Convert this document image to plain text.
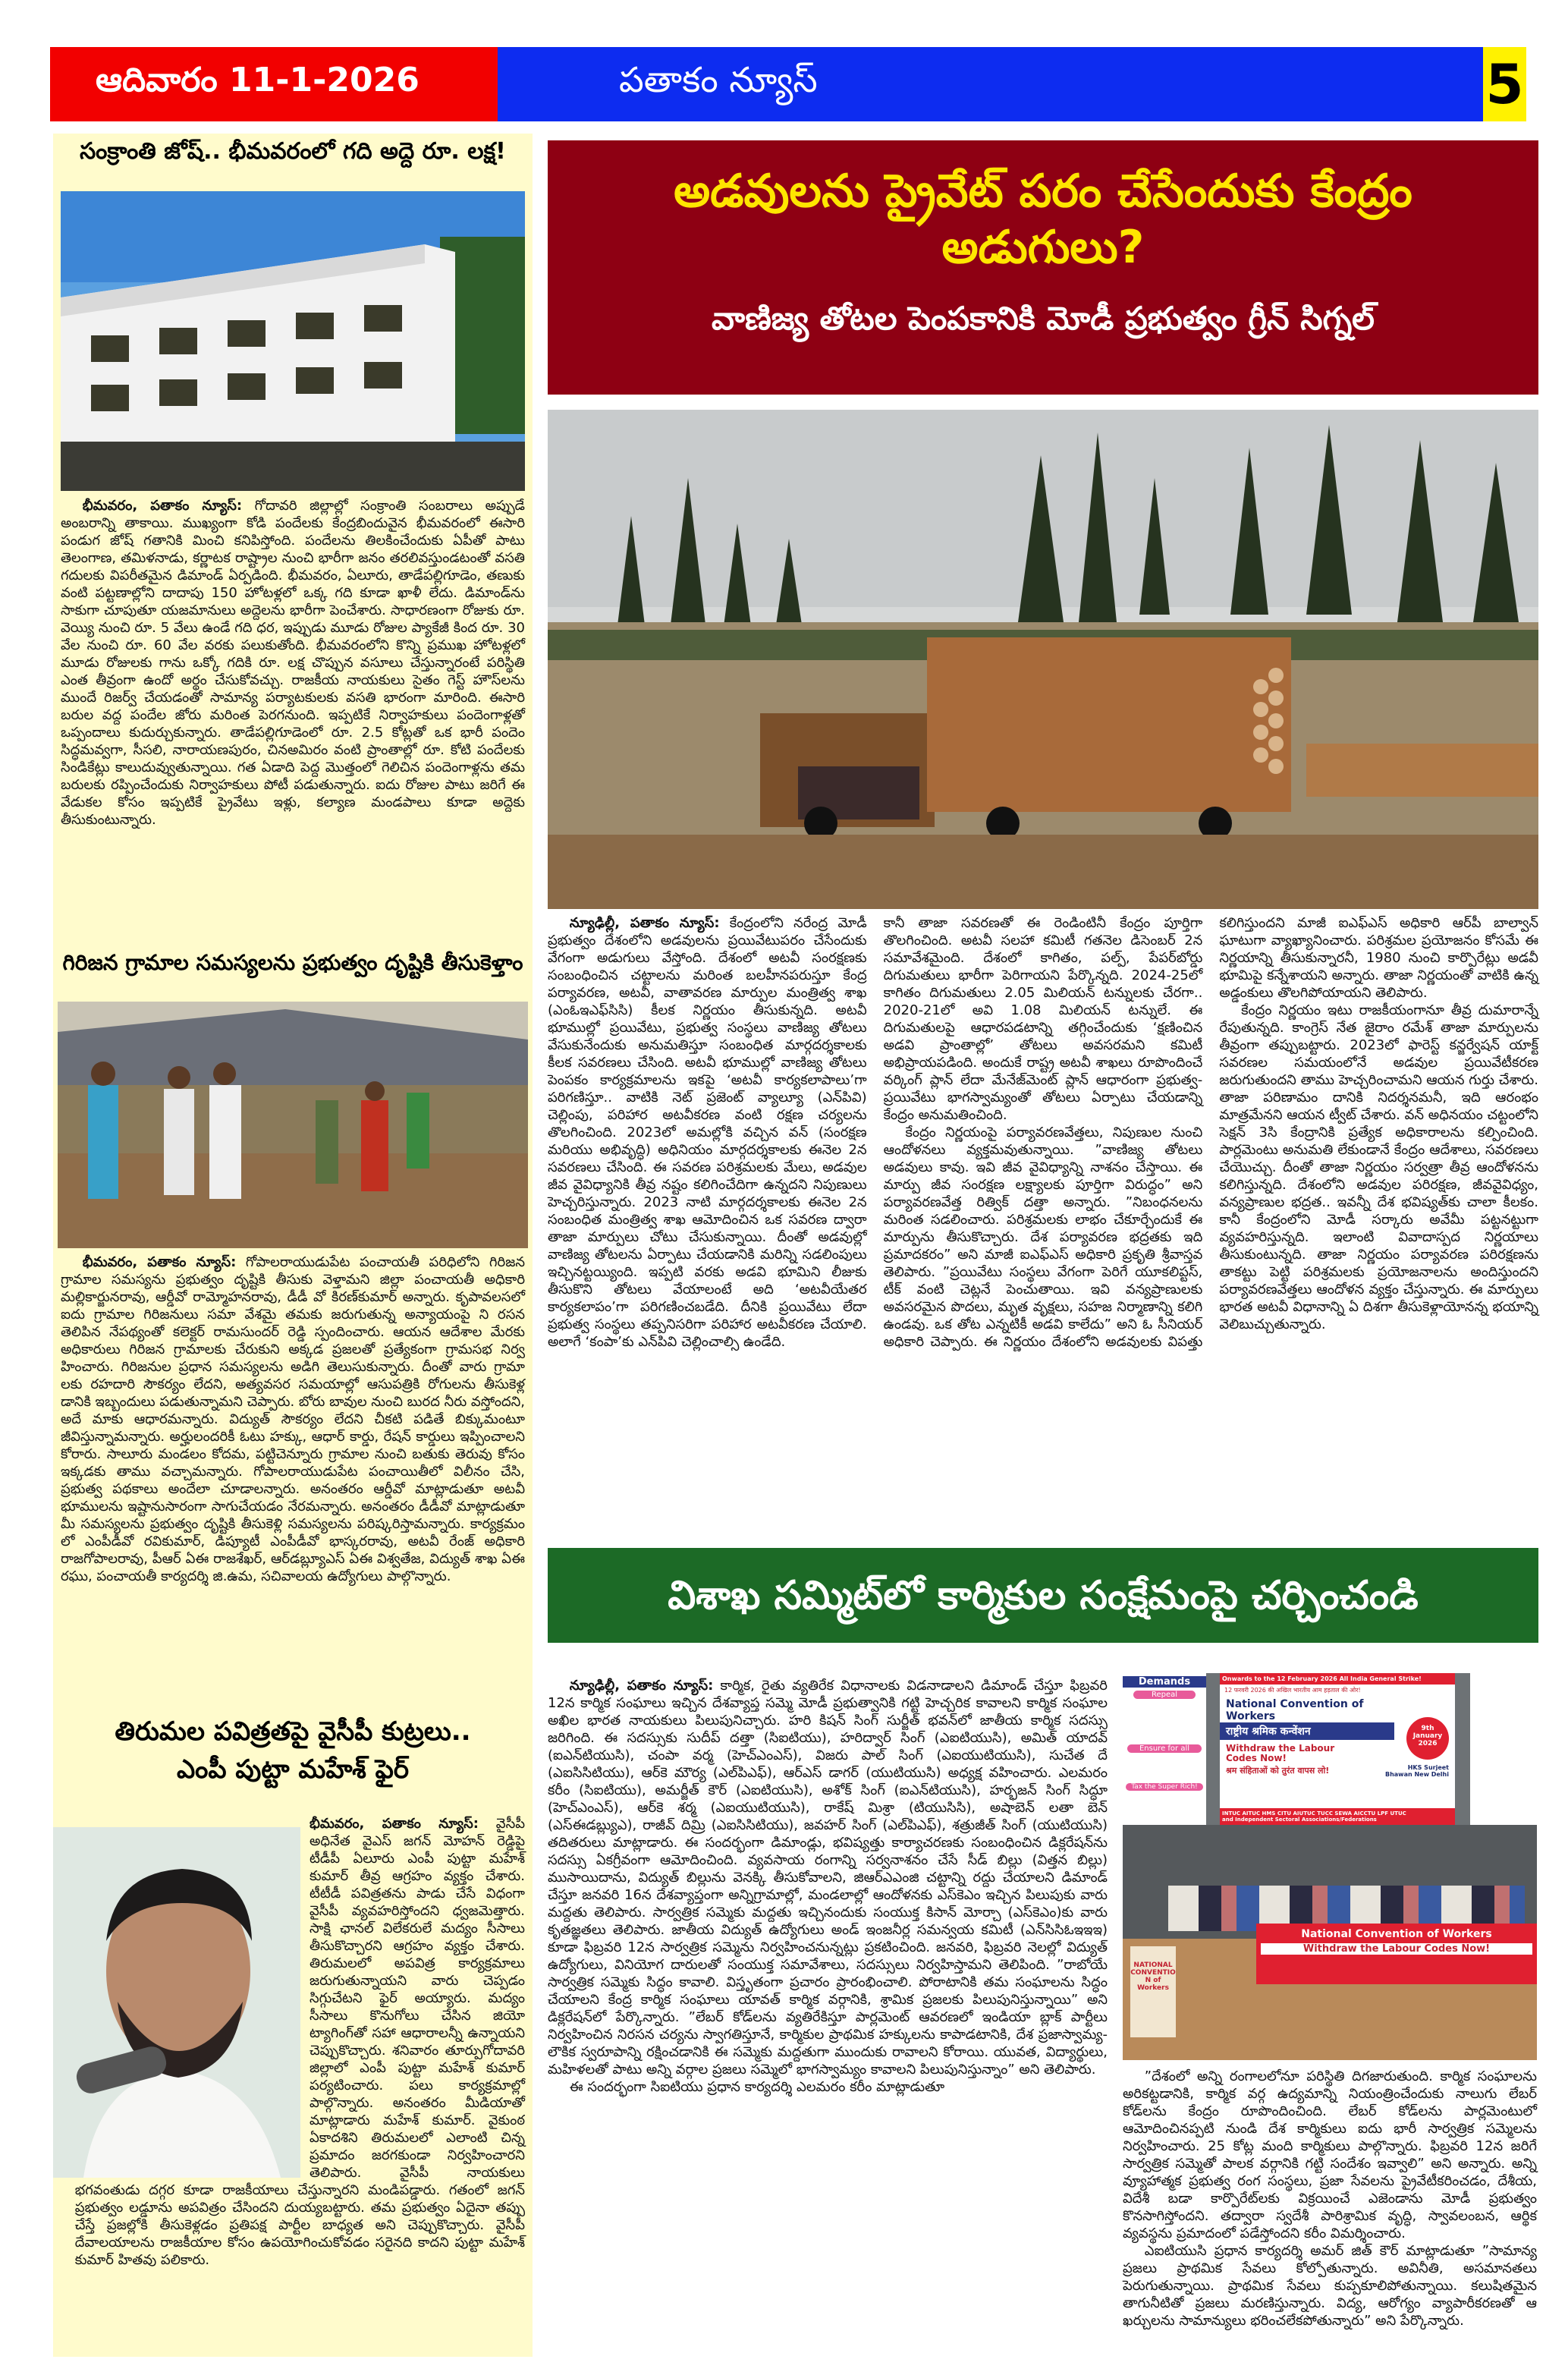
ఆదివారం 11-1-2026	పతాకం న్యూస్	5
సంక్రాంతి జోష్.. భీమవరంలో గది అద్దె రూ. లక్ష!

భీమవరం, పతాకం న్యూస్: గోదావరి జిల్లాల్లో సంక్రాంతి సంబరాలు అప్పుడే అంబరాన్ని తాకాయి. ముఖ్యంగా కోడి పందేలకు కేంద్రబిందువైన భీమవరంలో ఈసారి పండుగ జోష్ గతానికి మించి కనిపిస్తోంది. పందేలను తిలకించేందుకు ఏపీతో పాటు తెలంగాణ, తమిళనాడు, కర్ణాటక రాష్ట్రాల నుంచి భారీగా జనం తరలివస్తుండటంతో వసతి గదులకు విపరీతమైన డిమాండ్ ఏర్పడింది. భీమవరం, ఏలూరు, తాడేపల్లిగూడెం, తణుకు వంటి పట్టణాల్లోని దాదాపు 150 హోటళ్లలో ఒక్క గది కూడా ఖాళీ లేదు. డిమాండ్‌ను సాకుగా చూపుతూ యజమానులు అద్దెలను భారీగా పెంచేశారు. సాధారణంగా రోజుకు రూ. వెయ్యి నుంచి రూ. 5 వేలు ఉండే గది ధర, ఇప్పుడు మూడు రోజుల ప్యాకేజీ కింద రూ. 30 వేల నుంచి రూ. 60 వేల వరకు పలుకుతోంది. భీమవరంలోని కొన్ని ప్రముఖ హోటళ్లలో మూడు రోజులకు గాను ఒక్కో గదికి రూ. లక్ష చొప్పున వసూలు చేస్తున్నారంటే పరిస్థితి ఎంత తీవ్రంగా ఉందో అర్థం చేసుకోవచ్చు. రాజకీయ నాయకులు సైతం గెస్ట్ హౌస్‌లను ముందే రిజర్వ్ చేయడంతో సామాన్య పర్యాటకులకు వసతి భారంగా మారింది. ఈసారి బరుల వద్ద పందేల జోరు మరింత పెరగనుంది. ఇప్పటికే నిర్వాహకులు పందెంగాళ్లతో ఒప్పందాలు కుదుర్చుకున్నారు. తాడేపల్లిగూడెంలో రూ. 2.5 కోట్లతో ఒక భారీ పందెం సిద్ధమవ్వగా, సీసలి, నారాయణపురం, చినఅమిరం వంటి ప్రాంతాల్లో రూ. కోటి పందేలకు సిండికేట్లు కాలుదువ్వుతున్నాయి. గత ఏడాది పెద్ద మొత్తంలో గెలిచిన పందెంగాళ్లను తమ బరులకు రప్పించేందుకు నిర్వాహకులు పోటీ పడుతున్నారు. ఐదు రోజుల పాటు జరిగే ఈ వేడుకల కోసం ఇప్పటికే ప్రైవేటు ఇళ్లు, కల్యాణ మండపాలు కూడా అద్దెకు తీసుకుంటున్నారు.

గిరిజన గ్రామాల సమస్యలను ప్రభుత్వం దృష్టికి తీసుకెళ్తాం

భీమవరం, పతాకం న్యూస్: గోపాలరాయుడుపేట పంచాయతీ పరిధిలోని గిరిజన గ్రామాల సమస్యను ప్రభుత్వం దృష్టికి తీసుకు వెళ్తామని జిల్లా పంచాయతీ అధికారి మల్లికార్జునరావు, ఆర్డీవో రామ్మోహనరావు, డీడీ వో కిరణ్‌కుమార్ అన్నారు. కృపావలసలో ఐదు గ్రామాల గిరిజనులు సమా వేశమై తమకు జరుగుతున్న అన్యాయంపై ని రసన తెలిపిన నేపథ్యంతో కలెక్టర్ రామసుందర్ రెడ్డి స్పందించారు. ఆయన ఆదేశాల మేరకు అధికారులు గిరిజన గ్రామాలకు చేరుకుని అక్కడ ప్రజలతో ప్రత్యేకంగా గ్రామసభ నిర్వ హించారు. గిరిజనుల ప్రధాన సమస్యలను అడిగి తెలుసుకున్నారు. దీంతో వారు గ్రామా లకు రహదారి సౌకర్యం లేదని, అత్యవసర సమయాల్లో ఆసుపత్రికి రోగులను తీసుకెళ్ల డానికి ఇబ్బందులు పడుతున్నామని చెప్పారు. బోరు బావుల నుంచి బురద నీరు వస్తోందని, అదే మాకు ఆధారమన్నారు. విద్యుత్ సౌకర్యం లేదని చీకటి పడితే బిక్కుమంటూ జీవిస్తున్నామన్నారు. అర్హులందరికీ ఓటు హక్కు, ఆధార్ కార్డు, రేషన్ కార్డులు ఇప్పించాలని కోరారు. సాలూరు మండలం కోదమ, పట్టిచెన్నూరు గ్రామాల నుంచి బతుకు తెరువు కోసం ఇక్కడకు తాము వచ్చామన్నారు. గోపాలరాయుడుపేట పంచాయితీలో విలీనం చేసి, ప్రభుత్వ పథకాలు అందేలా చూడాలన్నారు. అనంతరం ఆర్డీవో మాట్లాడుతూ అటవీ భూములను ఇష్టానుసారంగా సాగుచేయడం నేరమన్నారు. అనంతరం డీడీవో మాట్లాడుతూ మీ సమస్యలను ప్రభుత్వం దృష్టికి తీసుకెళ్లి సమస్యలను పరిష్కరిస్తామన్నారు. కార్యక్రమం లో ఎంపీడీవో రవికుమార్, డిప్యూటీ ఎంపీడీవో భాస్కరరావు, అటవీ రేంజ్ అధికారి రాజగోపాలరావు, పీఆర్ ఏఈ రాజశేఖర్, ఆర్‌డబ్ల్యూఎస్ ఏఈ విశ్వతేజ, విద్యుత్ శాఖ ఏఈ రఘు, పంచాయతీ కార్యదర్శి జి.ఉమ, సచివాలయ ఉద్యోగులు పాల్గొన్నారు.

తిరుమల పవిత్రతపై వైసీపీ కుట్రలు..
ఎంపీ పుట్టా మహేశ్ ఫైర్

భీమవరం, పతాకం న్యూస్: వైసీపీ అధినేత వైఎస్ జగన్ మోహన్ రెడ్డిపై టీడీపీ ఏలూరు ఎంపీ పుట్టా మహేశ్ కుమార్ తీవ్ర ఆగ్రహం వ్యక్తం చేశారు. టీటీడీ పవిత్రతను పాడు చేసే విధంగా వైసీపీ వ్యవహరిస్తోందని ధ్వజమెత్తారు. సాక్షి ఛానల్ విలేకరులే మద్యం సీసాలు తీసుకొచ్చారని ఆగ్రహం వ్యక్తం చేశారు. తిరుమలలో అపవిత్ర కార్యక్రమాలు జరుగుతున్నాయని వారు చెప్పడం సిగ్గుచేటని ఫైర్ అయ్యారు. మద్యం సీసాలు కొనుగోలు చేసిన జియో ట్యాగింగ్‌తో సహా ఆధారాలన్నీ ఉన్నాయని చెప్పుకొచ్చారు. శనివారం తూర్పుగోదావరి జిల్లాలో ఎంపీ పుట్టా మహేశ్ కుమార్ పర్యటించారు. పలు కార్యక్రమాల్లో పాల్గొన్నారు. అనంతరం మీడియాతో మాట్లాడారు మహేశ్ కుమార్. వైకుంఠ ఏకాదశిని తిరుమలలో ఎలాంటి చిన్న ప్రమాదం జరగకుండా నిర్వహించారని తెలిపారు. వైసీపీ నాయకులు భగవంతుడు దగ్గర కూడా రాజకీయాలు చేస్తున్నారని మండిపడ్డారు. గతంలో జగన్ ప్రభుత్వం లడ్డూను అపవిత్రం చేసిందని దుయ్యబట్టారు. తమ ప్రభుత్వం ఏదైనా తప్పు చేస్తే ప్రజల్లోకి తీసుకెళ్లడం ప్రతిపక్ష పార్టీల బాధ్యత అని చెప్పుకొచ్చారు. వైసీపీ దేవాలయాలను రాజకీయాల కోసం ఉపయోగించుకోవడం సరైనది కాదని పుట్టా మహేశ్ కుమార్ హితవు పలికారు.

అడవులను ప్రైవేట్ పరం చేసేందుకు కేంద్రం అడుగులు?
వాణిజ్య తోటల పెంపకానికి మోడీ ప్రభుత్వం గ్రీన్ సిగ్నల్

న్యూఢిల్లీ, పతాకం న్యూస్: కేంద్రంలోని నరేంద్ర మోడీ ప్రభుత్వం దేశంలోని అడవులను ప్రయివేటుపరం చేసేందుకు వేగంగా అడుగులు వేస్తోంది. దేశంలో అటవీ సంరక్షణకు సంబంధించిన చట్టాలను మరింత బలహీనపరుస్తూ కేంద్ర పర్యావరణ, అటవీ, వాతావరణ మార్పుల మంత్రిత్వ శాఖ (ఎంఓఇఎఫ్‌సిసి) కీలక నిర్ణయం తీసుకున్నది. అటవీ భూముల్లో ప్రయివేటు, ప్రభుత్వ సంస్థలు వాణిజ్య తోటలు వేసుకునేందుకు అనుమతిస్తూ సంబంధిత మార్గదర్శకాలకు కీలక సవరణలు చేసింది. అటవీ భూముల్లో వాణిజ్య తోటలు పెంపకం కార్యక్రమాలను ఇకపై ‘అటవీ కార్యకలాపాలు’గా పరిగణిస్తూ.. వాటికి నెట్ ప్రజెంట్ వ్యాల్యూ (ఎన్‌పివి) చెల్లింపు, పరిహార అటవీకరణ వంటి రక్షణ చర్యలను తొలగించింది. 2023లో అమల్లోకి వచ్చిన వన్ (సంరక్షణ మరియు అభివృద్ధి) అధినియం మార్గదర్శకాలకు ఈనెల 2న సవరణలు చేసింది. ఈ సవరణ పరిశ్రమలకు మేలు, అడవుల జీవ వైవిధ్యానికి తీవ్ర నష్టం కలిగించేదిగా ఉన్నదని నిపుణులు హెచ్చరిస్తున్నారు. 2023 నాటి మార్గదర్శకాలకు ఈనెల 2న సంబంధిత మంత్రిత్వ శాఖ ఆమోదించిన ఒక సవరణ ద్వారా తాజా మార్పులు చోటు చేసుకున్నాయి. దీంతో అడవుల్లో వాణిజ్య తోటలను ఏర్పాటు చేయడానికి మరిన్ని సడలింపులు ఇచ్చినట్టయ్యింది. ఇప్పటి వరకు అడవి భూమిని లీజుకు తీసుకొని తోటలు వేయాలంటే అది ‘అటవీయేతర కార్యకలాపం’గా పరిగణించబడేది. దీనికి ప్రయివేటు లేదా ప్రభుత్వ సంస్థలు తప్పనిసరిగా పరిహార అటవీకరణ చేయాలి. అలాగే ‘కంపా’కు ఎన్‌పివి చెల్లించాల్సి ఉండేది.

కానీ తాజా సవరణతో ఈ రెండింటినీ కేంద్రం పూర్తిగా తొలగించింది. అటవీ సలహా కమిటీ గతనెల డిసెంబర్ 2న సమావేశమైంది. దేశంలో కాగితం, పల్ప్, పేపర్‌బోర్డు దిగుమతులు భారీగా పెరిగాయని పేర్కొన్నది. 2024-25లో కాగితం దిగుమతులు 2.05 మిలియన్ టన్నులకు చేరగా.. 2020-21లో అవి 1.08 మిలియన్ టన్నులే. ఈ దిగుమతులపై ఆధారపడటాన్ని తగ్గించేందుకు ‘క్షణించిన అడవి ప్రాంతాల్లో’ తోటలు అవసరమని కమిటీ అభిప్రాయపడింది. అందుకే రాష్ట్ర అటవీ శాఖలు రూపొందించే వర్కింగ్ ప్లాన్ లేదా మేనేజ్‌మెంట్ ప్లాన్ ఆధారంగా ప్రభుత్వ-ప్రయివేటు భాగస్వామ్యంతో తోటలు ఏర్పాటు చేయడాన్ని కేంద్రం అనుమతించింది.

కేంద్రం నిర్ణయంపై పర్యావరణవేత్తలు, నిపుణుల నుంచి ఆందోళనలు వ్యక్తమవుతున్నాయి. ”వాణిజ్య తోటలు అడవులు కావు. ఇవి జీవ వైవిధ్యాన్ని నాశనం చేస్తాయి. ఈ మార్పు జీవ సంరక్షణ లక్ష్యాలకు పూర్తిగా విరుద్ధం” అని పర్యావరణవేత్త రిత్విక్ దత్తా అన్నారు. ”నిబంధనలను మరింత సడలించారు. పరిశ్రమలకు లాభం చేకూర్చేందుకే ఈ మార్పును తీసుకొచ్చారు. దేశ పర్యావరణ భద్రతకు ఇది ప్రమాదకరం” అని మాజీ ఐఎఫ్‌ఎస్ అధికారి ప్రకృతి శ్రీవాస్తవ తెలిపారు. ”ప్రయివేటు సంస్థలు వేగంగా పెరిగే యూకలిప్టస్, టీక్ వంటి చెట్లనే పెంచుతాయి. ఇవి వన్యప్రాణులకు అవసరమైన పొదలు, మృత వృక్షలు, సహజ నిర్మాణాన్ని కలిగి ఉండవు. ఒక తోట ఎన్నటికీ అడవి కాలేదు” అని ఓ సీనియర్ అధికారి చెప్పారు. ఈ నిర్ణయం దేశంలోని అడవులకు విపత్తు కలిగిస్తుందని మాజీ ఐఎఫ్‌ఎస్ అధికారి ఆర్‌పీ బాల్వాన్ ఘాటుగా వ్యాఖ్యానించారు. పరిశ్రమల ప్రయోజనం కోసమే ఈ నిర్ణయాన్ని తీసుకున్నారనీ, 1980 నుంచి కార్పొరేట్లు అడవీ భూమిపై కన్నేశాయని అన్నారు. తాజా నిర్ణయంతో వాటికి ఉన్న అడ్డంకులు తొలగిపోయాయని తెలిపారు.

కేంద్రం నిర్ణయం ఇటు రాజకీయంగానూ తీవ్ర దుమారాన్నే రేపుతున్నది. కాంగ్రెస్ నేత జైరాం రమేశ్ తాజా మార్పులను తీవ్రంగా తప్పుబట్టారు. 2023లో ఫారెస్ట్ కన్జర్వేషన్ యాక్ట్ సవరణల సమయంలోనే అడవుల ప్రయివేటీకరణ జరుగుతుందని తాము హెచ్చరించామని ఆయన గుర్తు చేశారు. తాజా పరిణామం దానికి నిదర్శనమనీ, ఇది ఆరంభం మాత్రమేనని ఆయన ట్వీట్ చేశారు. వన్ అధినయం చట్టంలోని సెక్షన్ 3సి కేంద్రానికి ప్రత్యేక అధికారాలను కల్పించింది. పార్లమెంటు అనుమతి లేకుండానే కేంద్రం ఆదేశాలు, సవరణలు చేయొచ్చు. దీంతో తాజా నిర్ణయం సర్వత్రా తీవ్ర ఆందోళనను కలిగిస్తున్నది. దేశంలోని అడవుల పరిరక్షణ, జీవవైవిధ్యం, వన్యప్రాణుల భద్రత.. ఇవన్నీ దేశ భవిష్యత్‌కు చాలా కీలకం. కానీ కేంద్రంలోని మోడీ సర్కారు అవేమీ పట్టనట్టుగా వ్యవహరిస్తున్నది. ఇలాంటి వివాదాస్పద నిర్ణయాలు తీసుకుంటున్నది. తాజా నిర్ణయం పర్యావరణ పరిరక్షణను తాకట్టు పెట్టి పరిశ్రమలకు ప్రయోజనాలను అందిస్తుందని పర్యావరణవేత్తలు ఆందోళన వ్యక్తం చేస్తున్నారు. ఈ మార్పులు భారత అటవీ విధానాన్ని ఏ దిశగా తీసుకెళ్లాయోనన్న భయాన్ని వెలిబుచ్చుతున్నారు.

విశాఖ సమ్మిట్‌లో కార్మికుల సంక్షేమంపై చర్చించండి

న్యూఢిల్లీ, పతాకం న్యూస్: కార్మిక, రైతు వ్యతిరేక విధానాలకు విడనాడాలని డిమాండ్ చేస్తూ ఫిబ్రవరి 12న కార్మిక సంఘాలు ఇచ్చిన దేశవ్యాప్త సమ్మె మోడీ ప్రభుత్వానికి గట్టి హెచ్చరిక కావాలని కార్మిక సంఘాల అఖిల భారత నాయకులు పిలుపునిచ్చారు. హరి కిషన్ సింగ్ సుర్జీత్ భవన్‌లో జాతీయ కార్మిక సదస్సు జరిగింది. ఈ సదస్సుకు సుదీప్ దత్తా (సిఐటియు), హరిద్వార్ సింగ్ (ఎఐటియుసి), అమిత్ యాదవ్ (ఐఎన్‌టియుసి), చంపా వర్మ (హెచ్‌ఎంఎస్), విజరు పాల్ సింగ్ (ఎఐయుటియుసి), సుచేత దే (ఎఐసిసిటియు), ఆర్‌కె మౌర్య (ఎల్‌పిఎఫ్), ఆర్‌ఎస్ డాగర్ (యుటియుసి) అధ్యక్ష వహించారు. ఎలమరం కరీం (సిఐటియు), అమర్జీత్ కౌర్ (ఎఐటియుసి), అశోక్ సింగ్ (ఐఎన్‌టియుసి), హర్భజన్ సింగ్ సిద్ధూ (హెచ్‌ఎంఎస్), ఆర్‌కె శర్మ (ఎఐయుటియుసి), రాకేష్ మిశ్రా (టియుసిసి), అషాబెన్ లతా బెన్ (ఎస్‌ఈడబ్ల్యుఎ), రాజీవ్ దిమ్రి (ఎఐసిసిటియు), జవహర్ సింగ్ (ఎల్‌పిఎఫ్), శత్రుజీత్ సింగ్ (యుటియుసి) తదితరులు మాట్లాడారు. ఈ సందర్భంగా డిమాండ్లు, భవిష్యత్తు కార్యాచరణకు సంబంధించిన డిక్లరేషన్‌ను సదస్సు ఏకగ్రీవంగా ఆమోదించింది. వ్యవసాయ రంగాన్ని సర్వనాశనం చేసే సీడ్ బిల్లు (విత్తన బిల్లు) ముసాయిదాను, విద్యుత్ బిల్లును వెనక్కి తీసుకోవాలని, జిఆర్‌ఎఎంజి చట్టాన్ని రద్దు చేయాలని డిమాండ్ చేస్తూ జనవరి 16న దేశవ్యాప్తంగా అన్నిగ్రామాల్లో, మండలాల్లో ఆందోళనకు ఎస్‌కెఎం ఇచ్చిన పిలుపుకు వారు మద్దతు తెలిపారు. సార్వత్రిక సమ్మెకు మద్దతు ఇచ్చినందుకు సంయుక్త కిసాన్ మోర్చా (ఎస్‌కెఎం)కు వారు కృతజ్ఞతలు తెలిపారు. జాతీయ విద్యుత్ ఉద్యోగులు అండ్ ఇంజనీర్ల సమన్వయ కమిటీ (ఎన్‌సిసిఓఇఇఇ) కూడా ఫిబ్రవరి 12న సార్వత్రిక సమ్మెను నిర్వహించనున్నట్లు ప్రకటించింది. జనవరి, ఫిబ్రవరి నెలల్లో విద్యుత్ ఉద్యోగులు, వినియోగ దారులతో సంయుక్త సమావేశాలు, సదస్సులు నిర్వహిస్తామని తెలిపింది. ”రాబోయే సార్వత్రిక సమ్మెకు సిద్ధం కావాలి. విస్తృతంగా ప్రచారం ప్రారంభించాలి. పోరాటానికి తమ సంఘాలను సిద్ధం చేయాలని కేంద్ర కార్మిక సంఘాలు యావత్ కార్మిక వర్గానికి, శ్రామిక ప్రజలకు పిలుపునిస్తున్నాయి” అని డిక్లరేషన్‌లో పేర్కొన్నారు. ”లేబర్ కోడ్‌లను వ్యతిరేకిస్తూ పార్లమెంట్ ఆవరణలో ఇండియా బ్లాక్ పార్టీలు నిర్వహించిన నిరసన చర్యను స్వాగతిస్తూనే, కార్మికుల ప్రాథమిక హక్కులను కాపాడటానికి, దేశ ప్రజాస్వామ్య-లౌకిక స్వరూపాన్ని రక్షించడానికి ఈ సమ్మెకు మద్దతుగా ముందుకు రావాలని కోరాయి. యువత, విద్యార్థులు, మహిళలతో పాటు అన్ని వర్గాల ప్రజలు సమ్మెలో భాగస్వామ్యం కావాలని పిలుపునిస్తున్నాం” అని తెలిపారు.

ఈ సందర్భంగా సిఐటియు ప్రధాన కార్యదర్శి ఎలమరం కరీం మాట్లాడుతూ

Demands
Repeal
Ensure for all
Tax the Super Rich!
Onwards to the 12 February 2026 All India General Strike!
12 फरवरी 2026 की अखिल भारतीय आम हड़ताल की ओर!
National Convention of Workers
राष्ट्रीय श्रमिक कन्वेंशन	9th January 2026
Withdraw the Labour Codes Now!
HKS Surjeet Bhawan New Delhi
श्रम संहिताओं को तुरंत वापस लो!
INTUC AITUC HMS CITU AIUTUC TUCC SEWA AICCTU LPF UTUC
and Independent Sectoral Associations/Federations
NATIONAL CONVENTION of Workers
National Convention of Workers
Withdraw the Labour Codes Now!

”దేశంలో అన్ని రంగాలలోనూ పరిస్థితి దిగజారుతుంది. కార్మిక సంఘాలను అరికట్టడానికి, కార్మిక వర్గ ఉద్యమాన్ని నియంత్రించేందుకు నాలుగు లేబర్ కోడ్‌లను కేంద్రం రూపొందించింది. లేబర్ కోడ్‌లను పార్లమెంటులో ఆమోదించినప్పటి నుండి దేశ కార్మికులు ఐదు భారీ సార్వత్రిక సమ్మెలను నిర్వహించారు. 25 కోట్ల మంది కార్మికులు పాల్గొన్నారు. ఫిబ్రవరి 12న జరిగే సార్వత్రిక సమ్మెతో పాలక వర్గానికి గట్టి సందేశం ఇవ్వాలి” అని అన్నారు. అన్ని వ్యూహాత్మక ప్రభుత్వ రంగ సంస్థలు, ప్రజా సేవలను ప్రైవేటీకరించడం, దేశీయ, విదేశీ బడా కార్పొరేట్‌లకు విక్రయించే ఎజెండాను మోడీ ప్రభుత్వం కొనసాగిస్తోందని. తద్వారా స్వదేశీ పారిశ్రామిక వృద్ధి, స్వావలంబన, ఆర్థిక వ్యవస్థను ప్రమాదంలో పడేస్తోందని కరీం విమర్శించారు.

ఎఐటియుసి ప్రధాన కార్యదర్శి అమర్ జిత్ కౌర్ మాట్లాడుతూ ”సామాన్య ప్రజలు ప్రాథమిక సేవలు కోల్పోతున్నారు. అవినీతి, అసమానతలు పెరుగుతున్నాయి. ప్రాథమిక సేవలు కుప్పకూలిపోతున్నాయి. కలుషితమైన తాగునీటితో ప్రజలు మరణిస్తున్నారు. విద్య, ఆరోగ్యం వ్యాపారీకరణతో ఆ ఖర్చులను సామాన్యులు భరించలేకపోతున్నారు” అని పేర్కొన్నారు.
